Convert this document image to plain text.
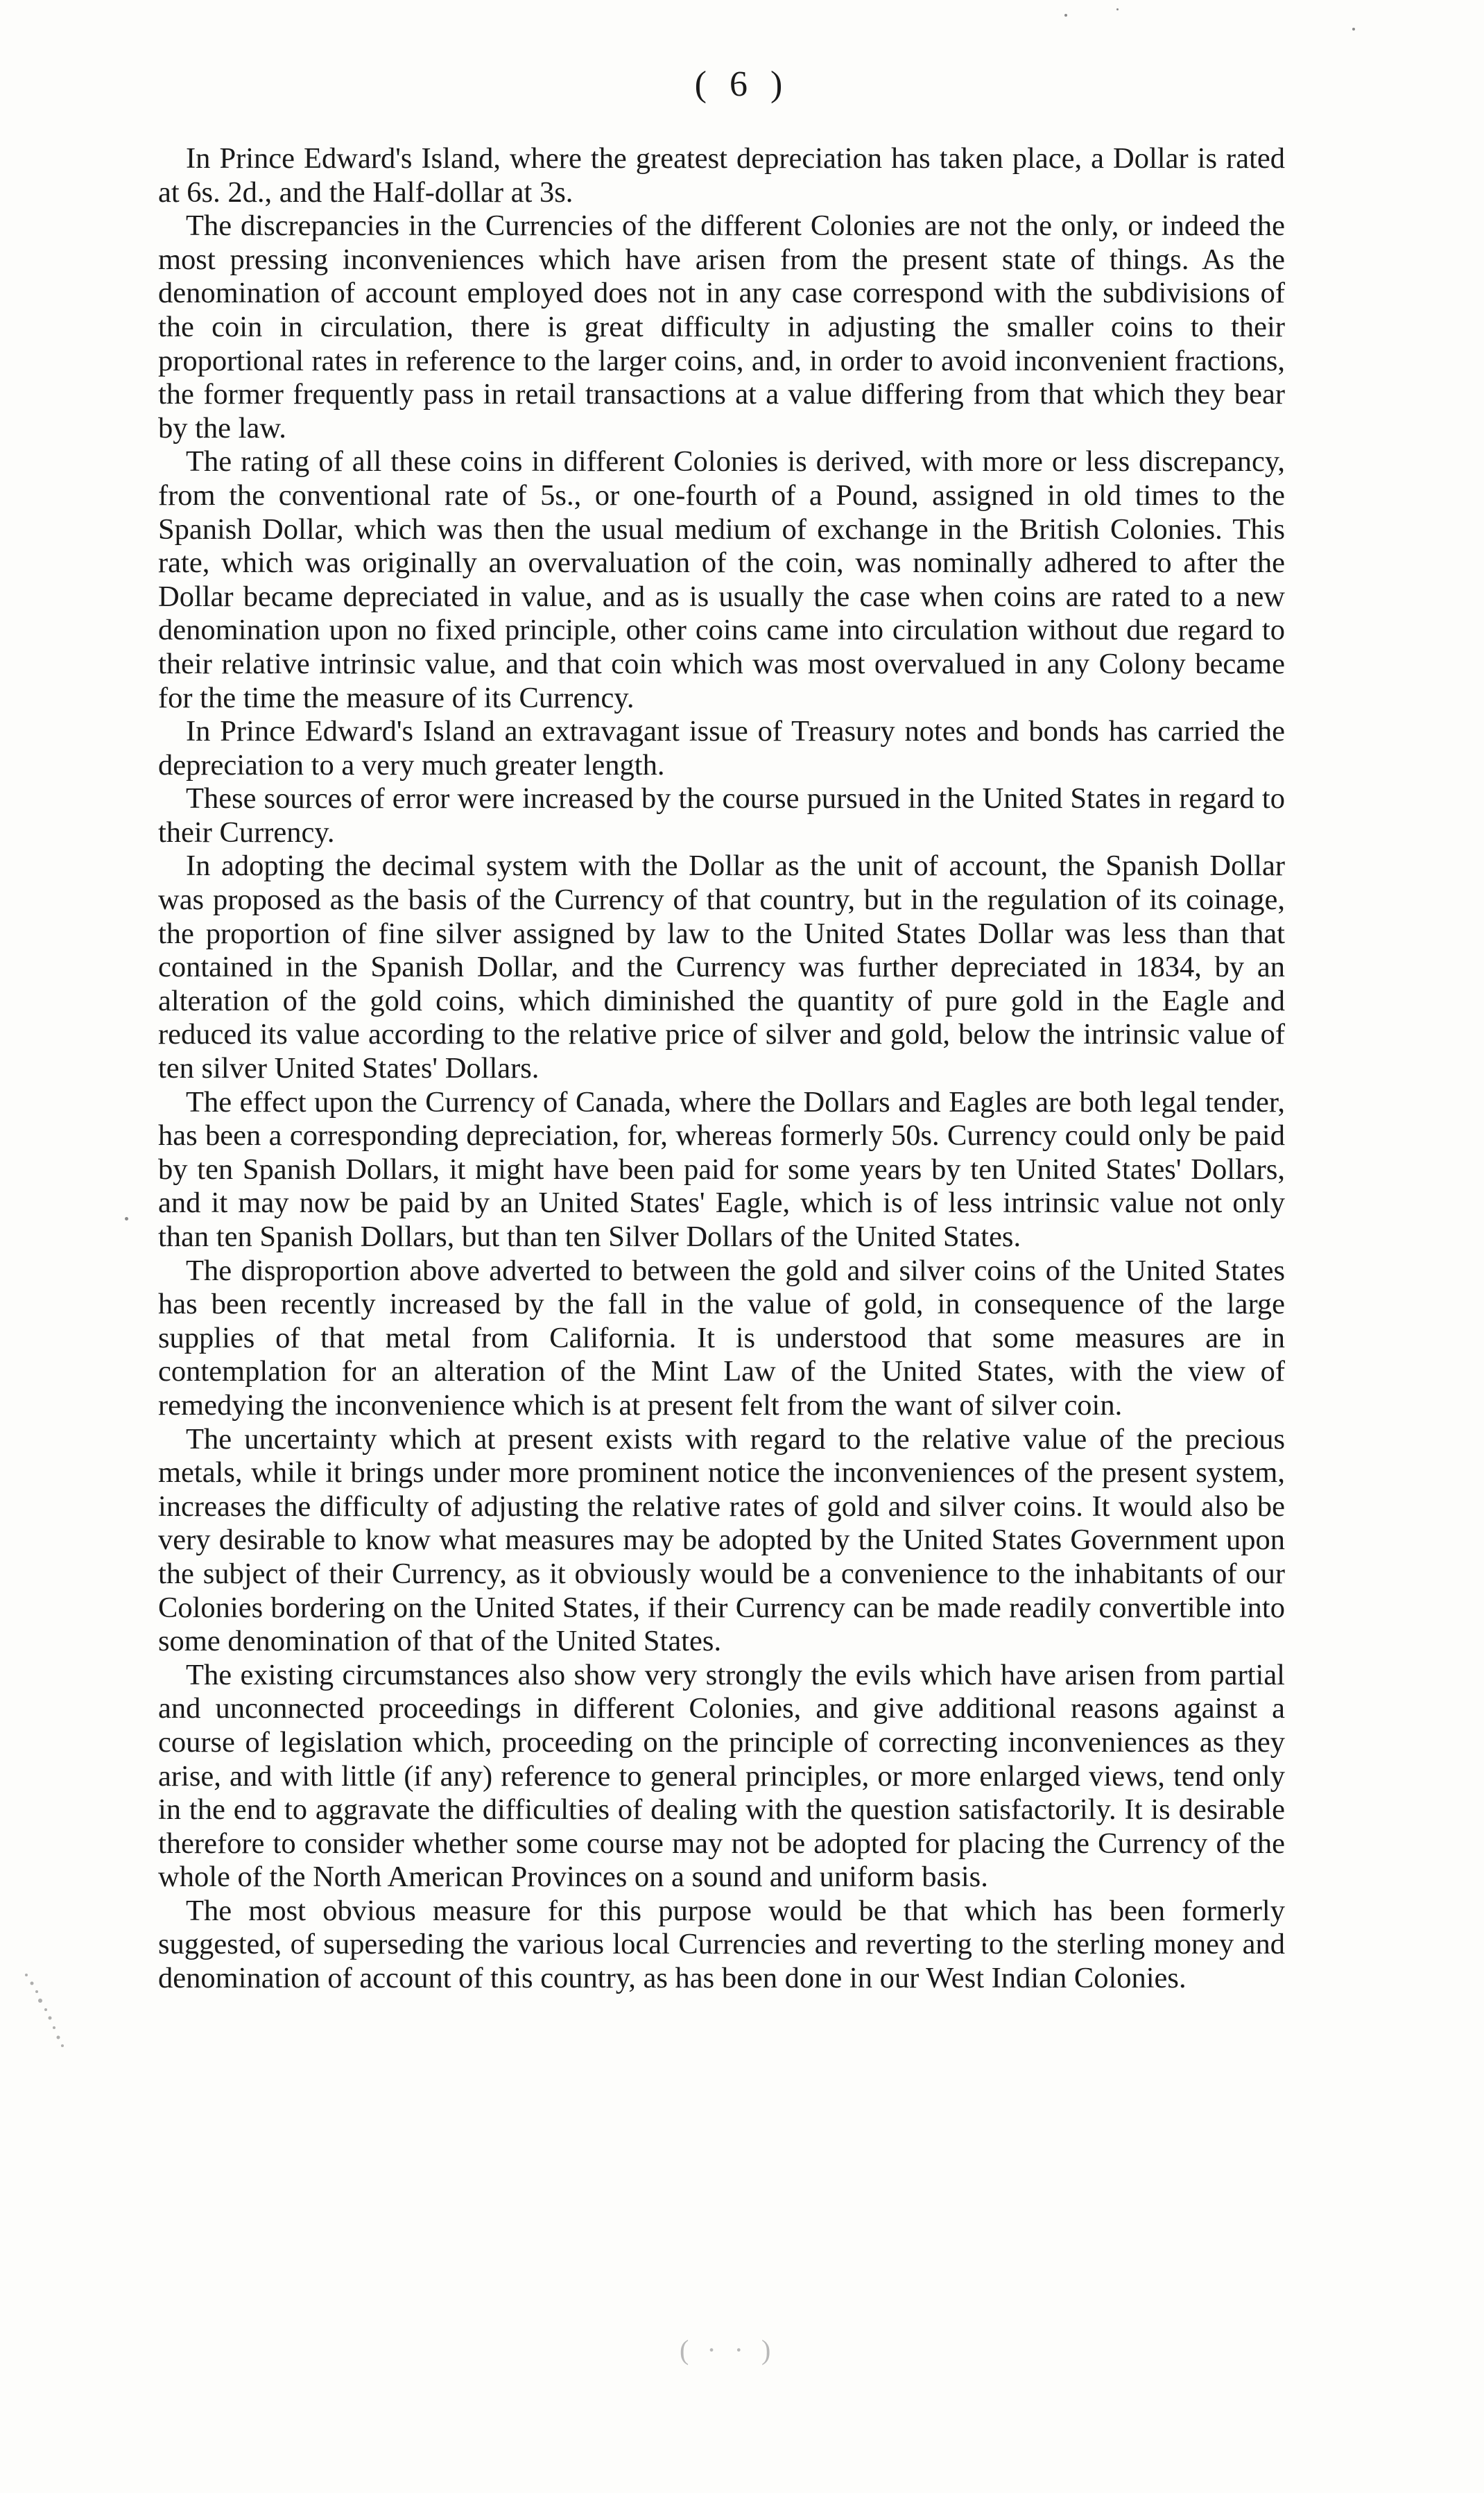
( 6 )

In Prince Edward's Island, where the greatest depreciation has taken place, a Dollar is rated at 6s. 2d., and the Half-dollar at 3s.

The discrepancies in the Currencies of the different Colonies are not the only, or indeed the most pressing inconveniences which have arisen from the present state of things. As the denomination of account employed does not in any case correspond with the subdivisions of the coin in circulation, there is great difficulty in adjusting the smaller coins to their proportional rates in reference to the larger coins, and, in order to avoid inconvenient fractions, the former frequently pass in retail transactions at a value differing from that which they bear by the law.

The rating of all these coins in different Colonies is derived, with more or less discrepancy, from the conventional rate of 5s., or one-fourth of a Pound, assigned in old times to the Spanish Dollar, which was then the usual medium of exchange in the British Colonies. This rate, which was originally an overvaluation of the coin, was nominally adhered to after the Dollar became depreciated in value, and as is usually the case when coins are rated to a new denomination upon no fixed principle, other coins came into circulation without due regard to their relative intrinsic value, and that coin which was most overvalued in any Colony became for the time the measure of its Currency.

In Prince Edward's Island an extravagant issue of Treasury notes and bonds has carried the depreciation to a very much greater length.

These sources of error were increased by the course pursued in the United States in regard to their Currency.

In adopting the decimal system with the Dollar as the unit of account, the Spanish Dollar was proposed as the basis of the Currency of that country, but in the regulation of its coinage, the proportion of fine silver assigned by law to the United States Dollar was less than that contained in the Spanish Dollar, and the Currency was further depreciated in 1834, by an alteration of the gold coins, which diminished the quantity of pure gold in the Eagle and reduced its value according to the relative price of silver and gold, below the intrinsic value of ten silver United States' Dollars.

The effect upon the Currency of Canada, where the Dollars and Eagles are both legal tender, has been a corresponding depreciation, for, whereas formerly 50s. Currency could only be paid by ten Spanish Dollars, it might have been paid for some years by ten United States' Dollars, and it may now be paid by an United States' Eagle, which is of less intrinsic value not only than ten Spanish Dollars, but than ten Silver Dollars of the United States.

The disproportion above adverted to between the gold and silver coins of the United States has been recently increased by the fall in the value of gold, in consequence of the large supplies of that metal from California. It is understood that some measures are in contemplation for an alteration of the Mint Law of the United States, with the view of remedying the inconvenience which is at present felt from the want of silver coin.

The uncertainty which at present exists with regard to the relative value of the precious metals, while it brings under more prominent notice the inconveniences of the present system, increases the difficulty of adjusting the relative rates of gold and silver coins. It would also be very desirable to know what measures may be adopted by the United States Government upon the subject of their Currency, as it obviously would be a convenience to the inhabitants of our Colonies bordering on the United States, if their Currency can be made readily convertible into some denomination of that of the United States.

The existing circumstances also show very strongly the evils which have arisen from partial and unconnected proceedings in different Colonies, and give additional reasons against a course of legislation which, proceeding on the principle of correcting inconveniences as they arise, and with little (if any) reference to general principles, or more enlarged views, tend only in the end to aggravate the difficulties of dealing with the question satisfactorily. It is desirable therefore to consider whether some course may not be adopted for placing the Currency of the whole of the North American Provinces on a sound and uniform basis.

The most obvious measure for this purpose would be that which has been formerly suggested, of superseding the various local Currencies and reverting to the sterling money and denomination of account of this country, as has been done in our West Indian Colonies.

( · · )
